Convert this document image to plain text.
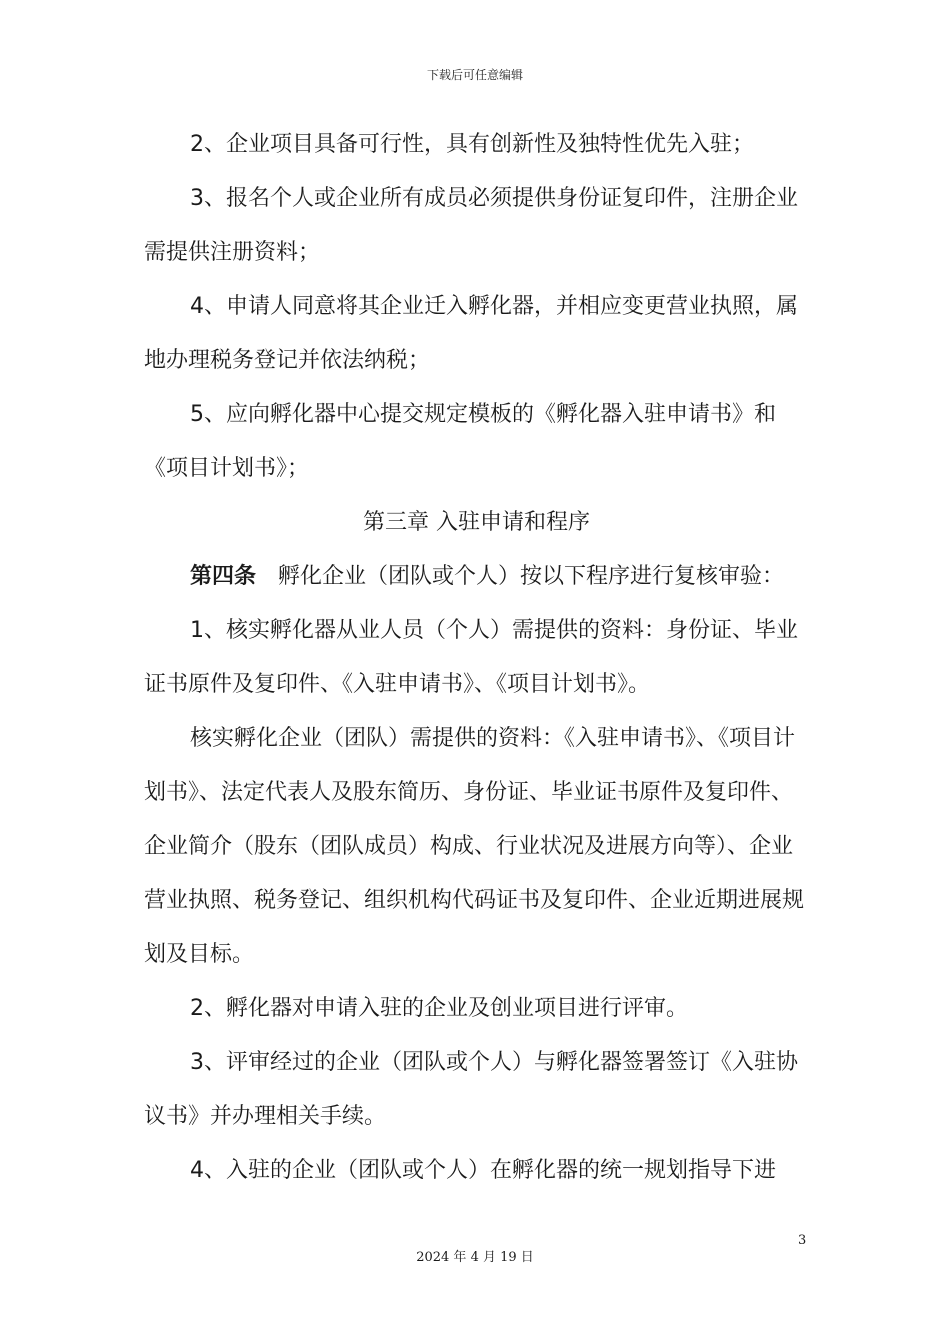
下载后可任意编辑

2、企业项目具备可行性，具有创新性及独特性优先入驻；

3、报名个人或企业所有成员必须提供身份证复印件，注册企业需提供注册资料；

4、申请人同意将其企业迁入孵化器，并相应变更营业执照，属地办理税务登记并依法纳税；

5、应向孵化器中心提交规定模板的《孵化器入驻申请书》和《项目计划书》；

第三章 入驻申请和程序

第四条　孵化企业（团队或个人）按以下程序进行复核审验：

1、核实孵化器从业人员（个人）需提供的资料：身份证、毕业证书原件及复印件、《入驻申请书》、《项目计划书》。

核实孵化企业（团队）需提供的资料：《入驻申请书》、《项目计划书》、法定代表人及股东简历、身份证、毕业证书原件及复印件、企业简介（股东（团队成员）构成、行业状况及进展方向等）、企业营业执照、税务登记、组织机构代码证书及复印件、企业近期进展规划及目标。

2、孵化器对申请入驻的企业及创业项目进行评审。

3、评审经过的企业（团队或个人）与孵化器签署签订《入驻协议书》并办理相关手续。

4、入驻的企业（团队或个人）在孵化器的统一规划指导下进

3
2024 年 4 月 19 日
